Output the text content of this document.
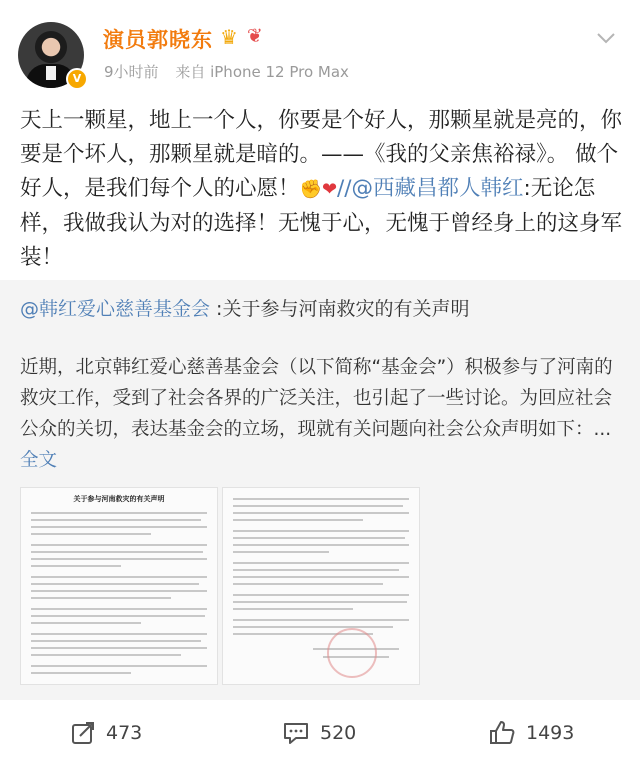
V
演员郭晓东 ♛ ❦
9小时前 来自 iPhone 12 Pro Max
天上一颗星，地上一个人，你要是个好人，那颗星就是亮的，你要是个坏人，那颗星就是暗的。——《我的父亲焦裕禄》。 做个好人，是我们每个人的心愿！✊❤//@西藏昌都人韩红:无论怎样，我做我认为对的选择！无愧于心，无愧于曾经身上的这身军装！
@韩红爱心慈善基金会 :关于参与河南救灾的有关声明
近期，北京韩红爱心慈善基金会（以下简称“基金会”）积极参与了河南的救灾工作，受到了社会各界的广泛关注，也引起了一些讨论。为回应社会公众的关切，表达基金会的立场，现就有关问题向社会公众声明如下：... 全文
关于参与河南救灾的有关声明
473	520	1493
